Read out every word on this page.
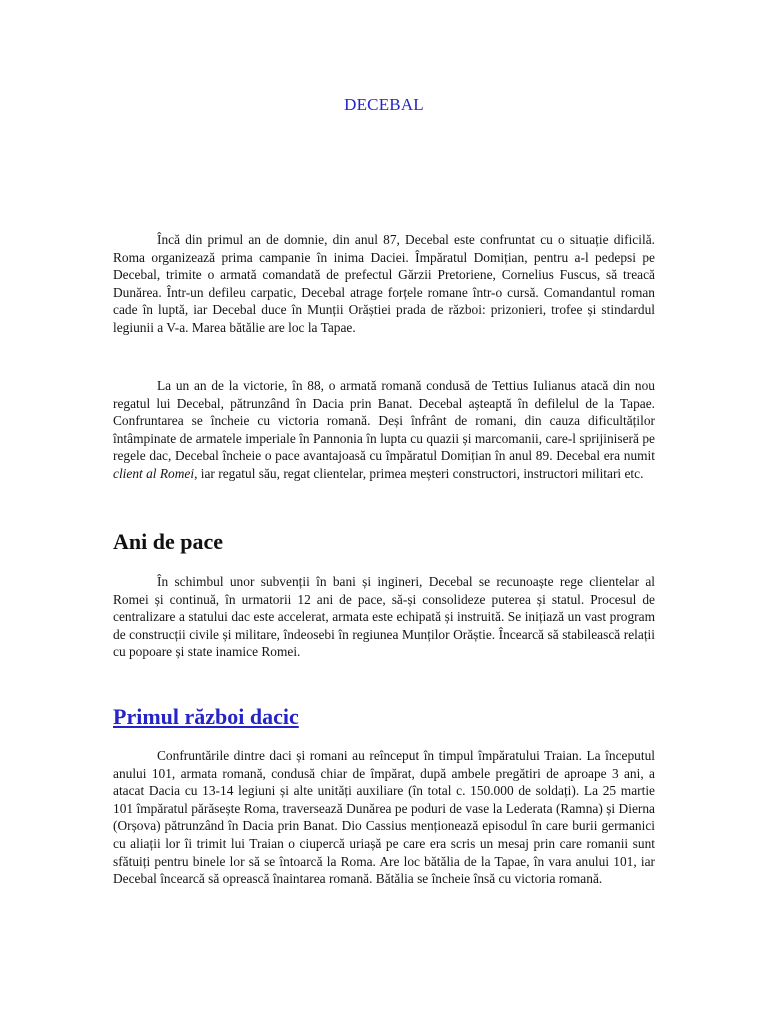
DECEBAL

Încă din primul an de domnie, din anul 87, Decebal este confruntat cu o situație dificilă. Roma organizează prima campanie în inima Daciei. Împăratul Domițian, pentru a-l pedepsi pe Decebal, trimite o armată comandată de prefectul Gărzii Pretoriene, Cornelius Fuscus, să treacă Dunărea. Într-un defileu carpatic, Decebal atrage forțele romane într-o cursă. Comandantul roman cade în luptă, iar Decebal duce în Munții Orăștiei prada de război: prizonieri, trofee și stindardul legiunii a V-a. Marea bătălie are loc la Tapae.

La un an de la victorie, în 88, o armată romană condusă de Tettius Iulianus atacă din nou regatul lui Decebal, pătrunzând în Dacia prin Banat. Decebal așteaptă în defilelul de la Tapae. Confruntarea se încheie cu victoria romană. Deși înfrânt de romani, din cauza dificultăților întâmpinate de armatele imperiale în Pannonia în lupta cu quazii și marcomanii, care-l sprijiniseră pe regele dac, Decebal încheie o pace avantajoasă cu împăratul Domițian în anul 89. Decebal era numit client al Romei, iar regatul său, regat clientelar, primea meșteri constructori, instructori militari etc.

Ani de pace

În schimbul unor subvenții în bani și ingineri, Decebal se recunoaște rege clientelar al Romei și continuă, în urmatorii 12 ani de pace, să-și consolideze puterea și statul. Procesul de centralizare a statului dac este accelerat, armata este echipată și instruită. Se inițiază un vast program de construcții civile și militare, îndeosebi în regiunea Munților Orăștie. Încearcă să stabilească relații cu popoare și state inamice Romei.

Primul război dacic

Confruntările dintre daci și romani au reînceput în timpul împăratului Traian. La începutul anului 101, armata romană, condusă chiar de împărat, după ambele pregătiri de aproape 3 ani, a atacat Dacia cu 13-14 legiuni și alte unități auxiliare (în total c. 150.000 de soldați). La 25 martie 101 împăratul părăsește Roma, traversează Dunărea pe poduri de vase la Lederata (Ramna) și Dierna (Orșova) pătrunzând în Dacia prin Banat. Dio Cassius menționează episodul în care burii germanici cu aliații lor îi trimit lui Traian o ciupercă uriașă pe care era scris un mesaj prin care romanii sunt sfătuiți pentru binele lor să se întoarcă la Roma. Are loc bătălia de la Tapae, în vara anului 101, iar Decebal încearcă să oprească înaintarea romană. Bătălia se încheie însă cu victoria romană.
